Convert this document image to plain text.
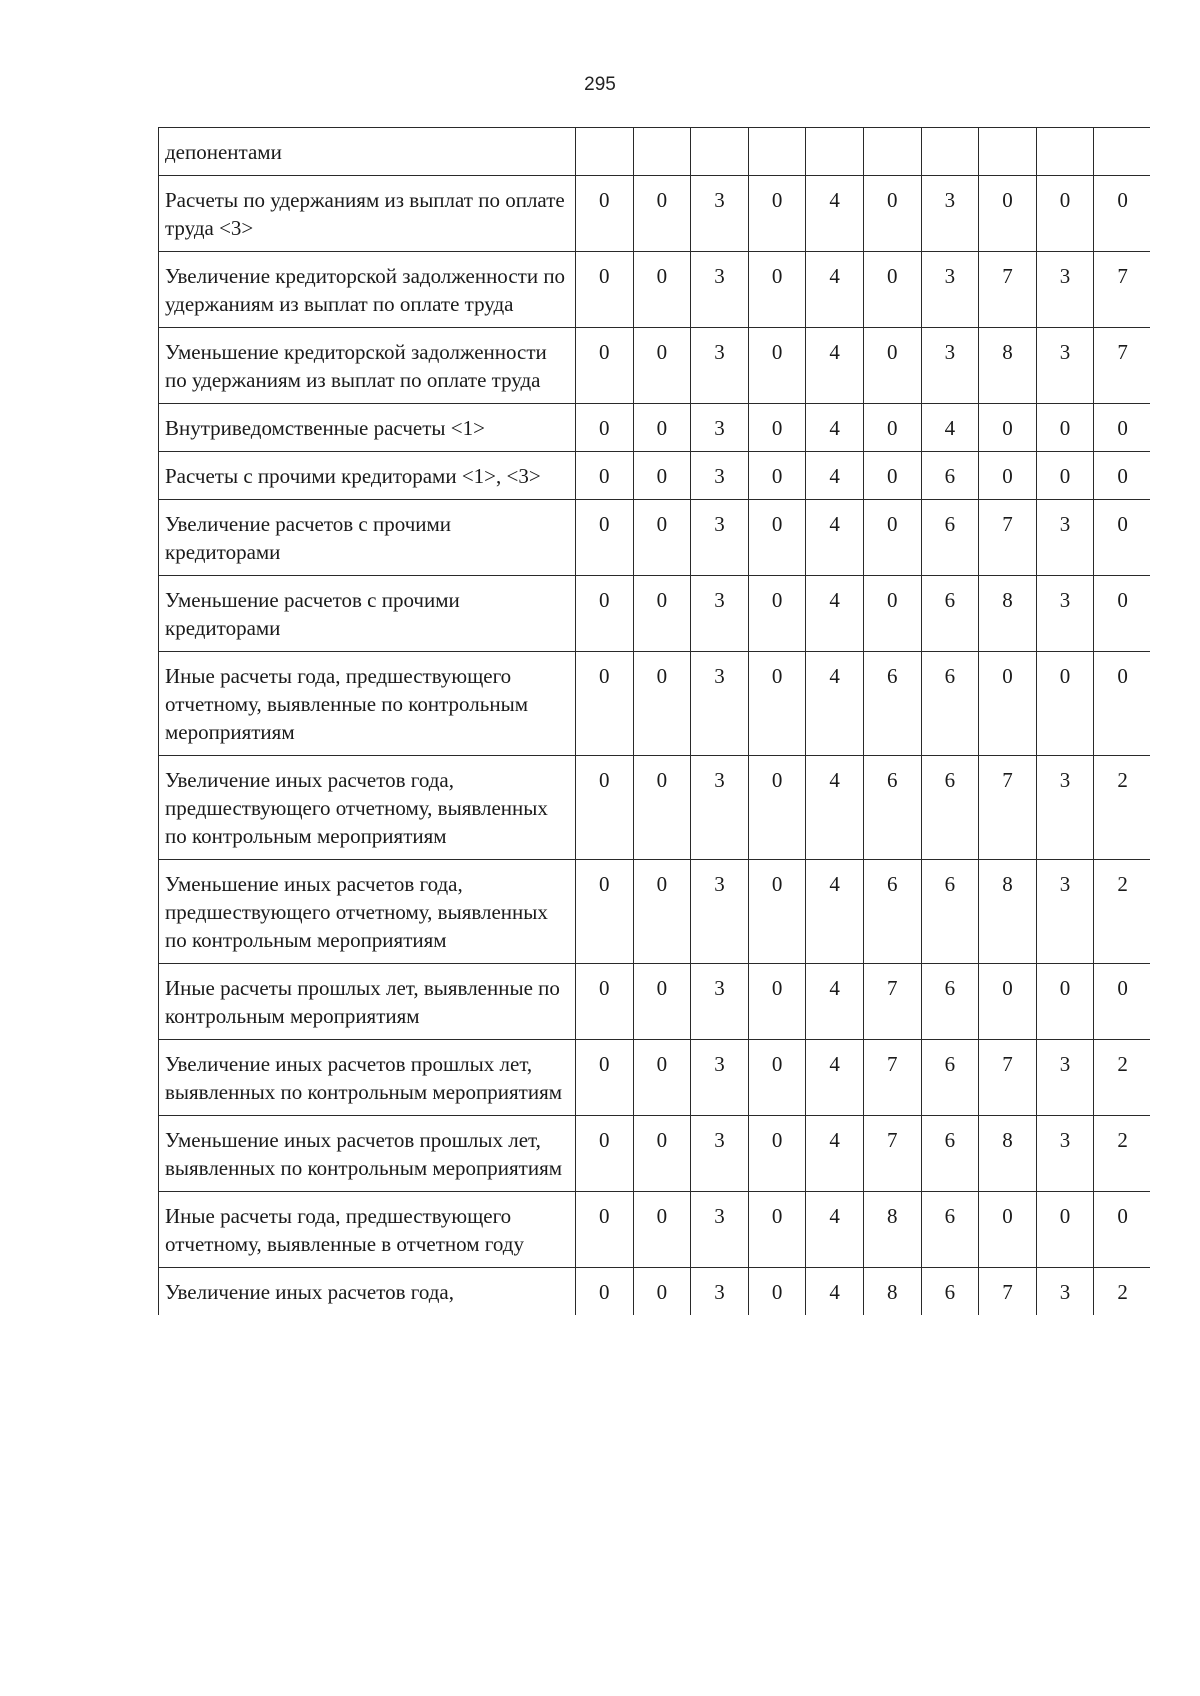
295
депонентами										
Расчеты по удержаниям из выплат по оплате труда <3>	0	0	3	0	4	0	3	0	0	0
Увеличение кредиторской задолженности по удержаниям из выплат по оплате труда	0	0	3	0	4	0	3	7	3	7
Уменьшение кредиторской задолженности по удержаниям из выплат по оплате труда	0	0	3	0	4	0	3	8	3	7
Внутриведомственные расчеты <1>	0	0	3	0	4	0	4	0	0	0
Расчеты с прочими кредиторами <1>, <3>	0	0	3	0	4	0	6	0	0	0
Увеличение расчетов с прочими кредиторами	0	0	3	0	4	0	6	7	3	0
Уменьшение расчетов с прочими кредиторами	0	0	3	0	4	0	6	8	3	0
Иные расчеты года, предшествующего отчетному, выявленные по контрольным мероприятиям	0	0	3	0	4	6	6	0	0	0
Увеличение иных расчетов года, предшествующего отчетному, выявленных по контрольным мероприятиям	0	0	3	0	4	6	6	7	3	2
Уменьшение иных расчетов года, предшествующего отчетному, выявленных по контрольным мероприятиям	0	0	3	0	4	6	6	8	3	2
Иные расчеты прошлых лет, выявленные по контрольным мероприятиям	0	0	3	0	4	7	6	0	0	0
Увеличение иных расчетов прошлых лет, выявленных по контрольным мероприятиям	0	0	3	0	4	7	6	7	3	2
Уменьшение иных расчетов прошлых лет, выявленных по контрольным мероприятиям	0	0	3	0	4	7	6	8	3	2
Иные расчеты года, предшествующего отчетному, выявленные в отчетном году	0	0	3	0	4	8	6	0	0	0
Увеличение иных расчетов года,	0	0	3	0	4	8	6	7	3	2
